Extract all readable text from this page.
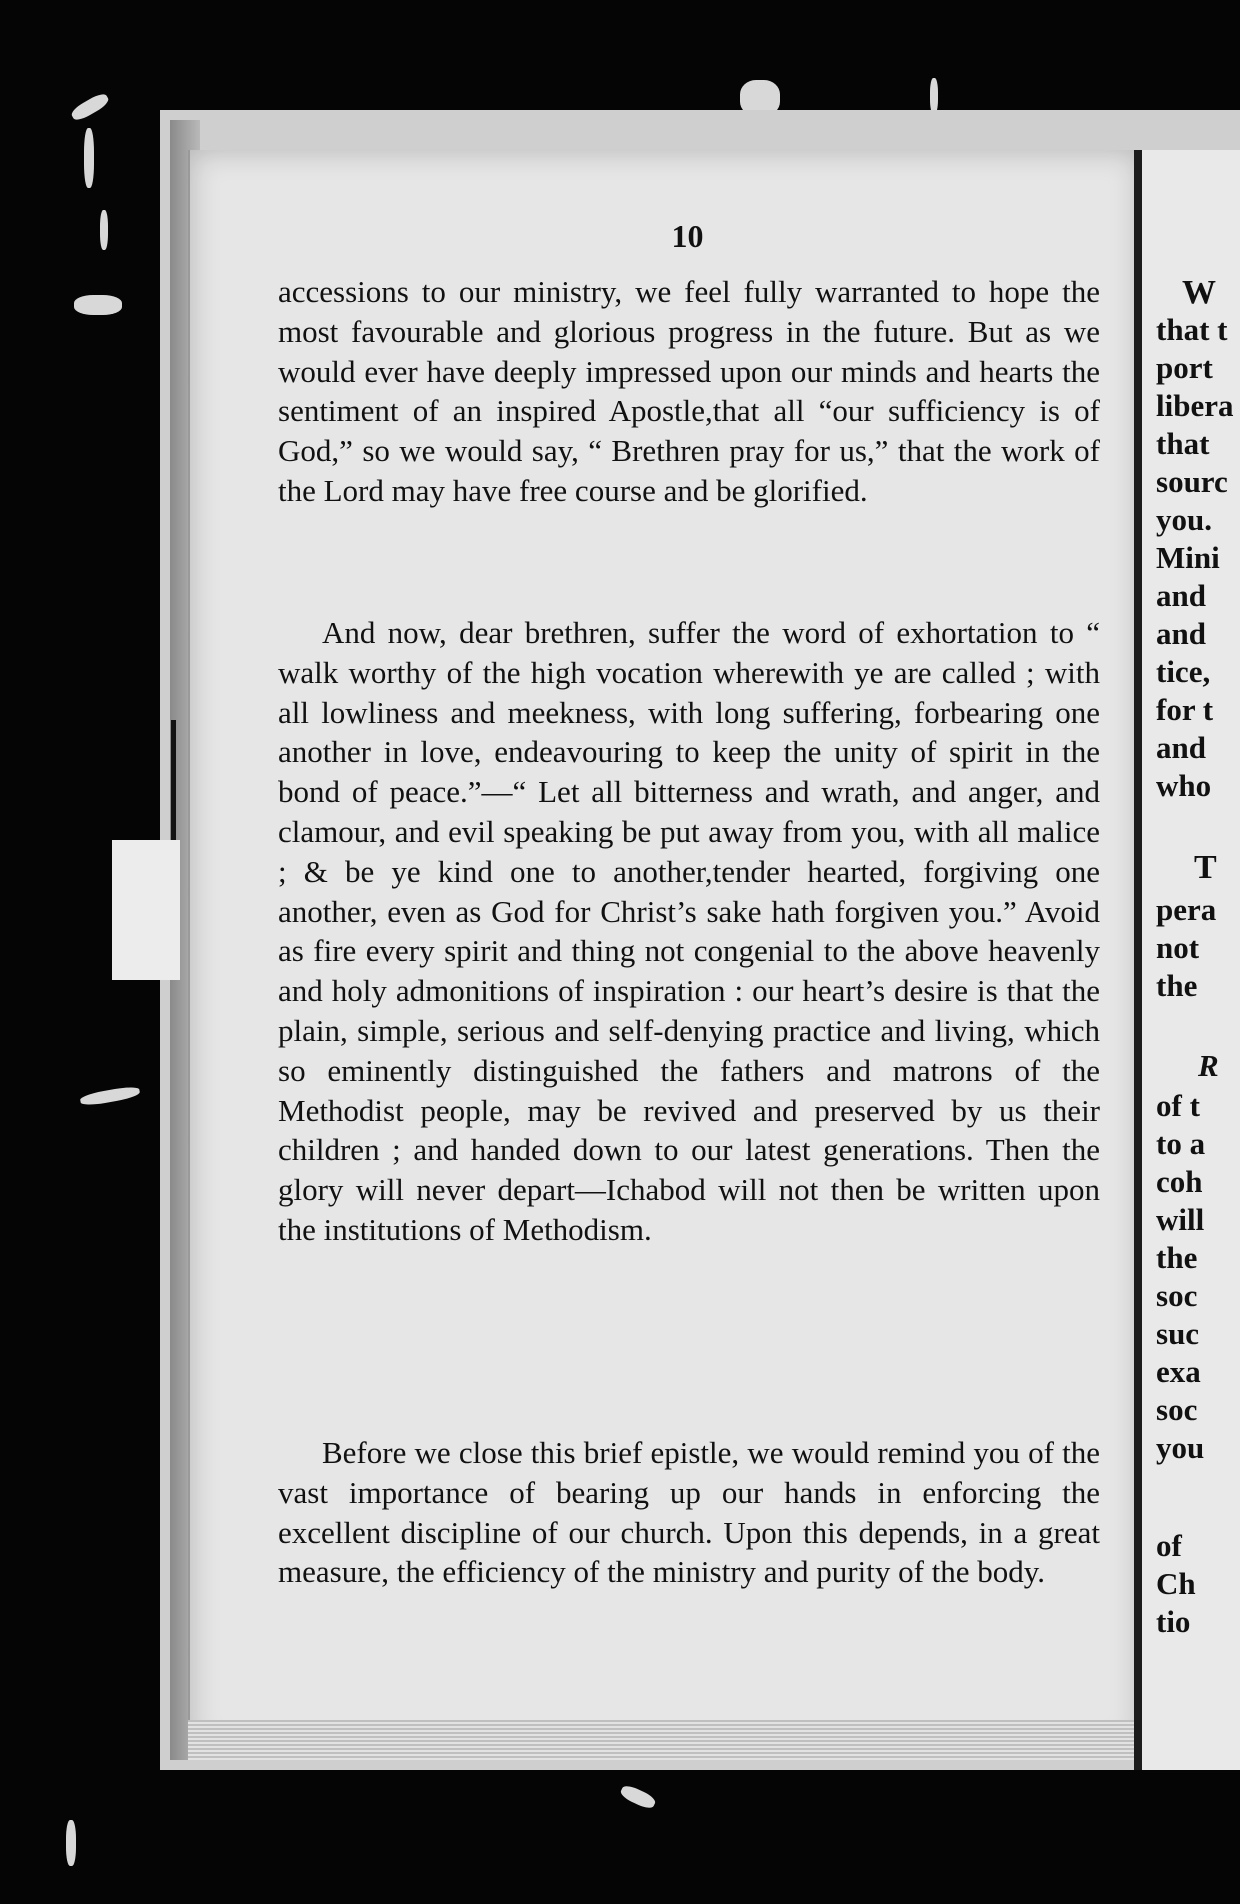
10

accessions to our ministry, we feel fully warranted to hope the most favourable and glorious progress in the future. But as we would ever have deeply impressed upon our minds and hearts the sentiment of an inspired Apostle,that all “our sufficiency is of God,” so we would say, “ Brethren pray for us,” that the work of the Lord may have free course and be glorified.

And now, dear brethren, suffer the word of exhortation to “ walk worthy of the high vocation wherewith ye are called ; with all lowliness and meekness, with long suffering, forbearing one another in love, endeavouring to keep the unity of spirit in the bond of peace.”—“ Let all bitterness and wrath, and anger, and clamour, and evil speaking be put away from you, with all malice ; & be ye kind one to another,tender hearted, forgiving one another, even as God for Christ’s sake hath forgiven you.” Avoid as fire every spirit and thing not congenial to the above heavenly and holy admonitions of inspiration : our heart’s desire is that the plain, simple, serious and self-denying practice and living, which so eminently distinguished the fathers and matrons of the Methodist people, may be revived and preserved by us their children ; and handed down to our latest generations. Then the glory will never depart—Ichabod will not then be written upon the institutions of Methodism.

Before we close this brief epistle, we would remind you of the vast importance of bearing up our hands in enforcing the excellent discipline of our church. Upon this depends, in a great measure, the efficiency of the ministry and purity of the body.

W
that t
port
libera
that
sourc
you.
Mini
and
and
tice,
for t
and
who
T
pera
not
the
R
of t
to a
coh
will
the
soc
suc
exa
soc
you
of
Ch
tio
